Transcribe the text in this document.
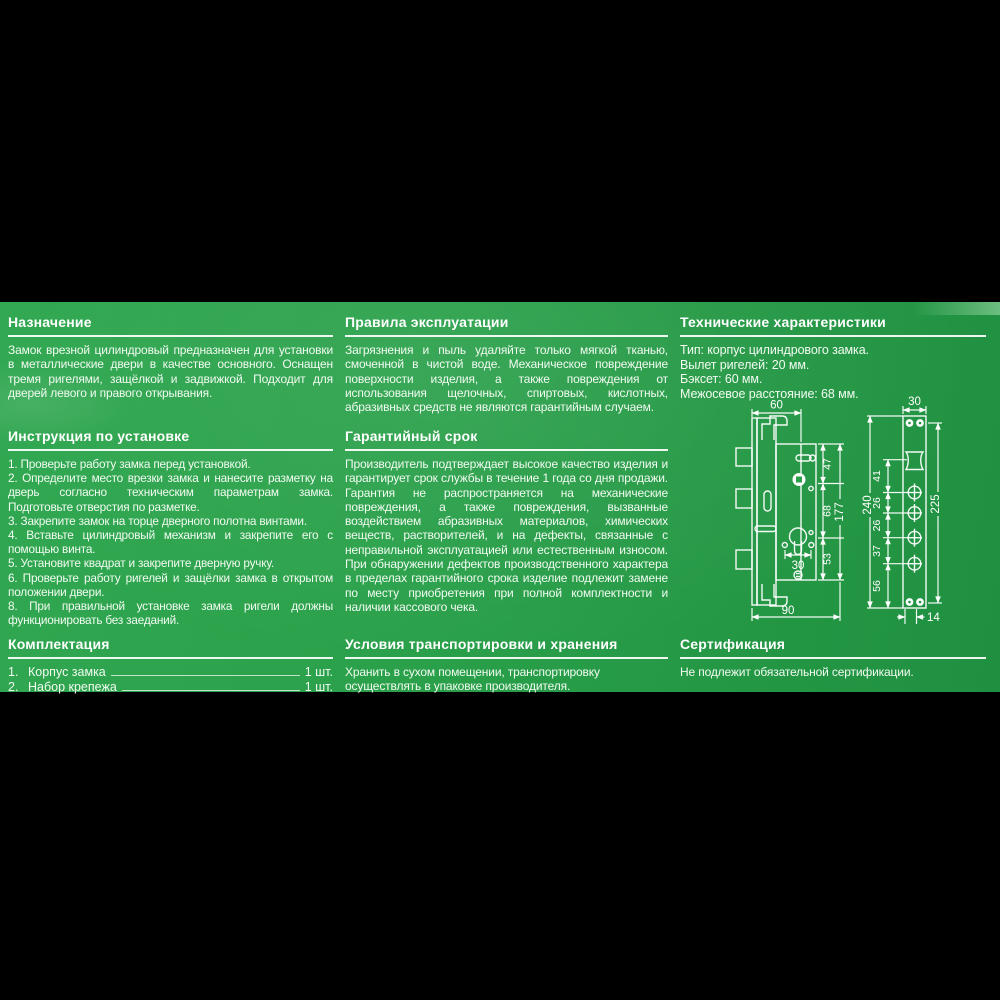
Назначение
Замок врезной цилиндровый предназначен для установки в металлические двери в качестве основного. Оснащен тремя ригелями, защёлкой и задвижкой. Подходит для дверей левого и правого открывания.
Инструкция по установке
1. Проверьте работу замка перед установкой.
2. Определите место врезки замка и нанесите разметку на дверь согласно техническим параметрам замка. Подготовьте отверстия по разметке.
3. Закрепите замок на торце дверного полотна винтами.
4. Вставьте цилиндровый механизм и закрепите его с помощью винта.
5. Установите квадрат и закрепите дверную ручку.
6. Проверьте работу ригелей и защёлки замка в открытом положении двери.
8. При правильной установке замка ригели должны функционировать без заеданий.
Комплектация
1. Корпус замка	1 шт.
2. Набор крепежа	1 шт.
Правила эксплуатации
Загрязнения и пыль удаляйте только мягкой тканью, смоченной в чистой воде. Механическое повреждение поверхности изделия, а также повреждения от использования щелочных, спиртовых, кислотных, абразивных средств не являются гарантийным случаем.
Гарантийный срок
Производитель подтверждает высокое качество изделия и гарантирует срок службы в течение 1 года со дня продажи. Гарантия не распространяется на механические повреждения, а также повреждения, вызванные воздействием абразивных материалов, химических веществ, растворителей, и на дефекты, связанные с неправильной эксплуатацией или естественным износом. При обнаружении дефектов производственного характера в пределах гарантийного срока изделие подлежит замене по месту приобретения при полной комплектности и наличии кассового чека.
Условия транспортировки и хранения
Хранить в сухом помещении, транспортировку осуществлять в упаковке производителя.
Технические характеристики
Тип: корпус цилиндрового замка.
Вылет ригелей: 20 мм.
Бэксет: 60 мм.
Межосевое расстояние: 68 мм.
Сертификация
Не подлежит обязательной сертификации.
60
47
68
53
177
30
90
30
240
41
26
26
37
56
225
14
